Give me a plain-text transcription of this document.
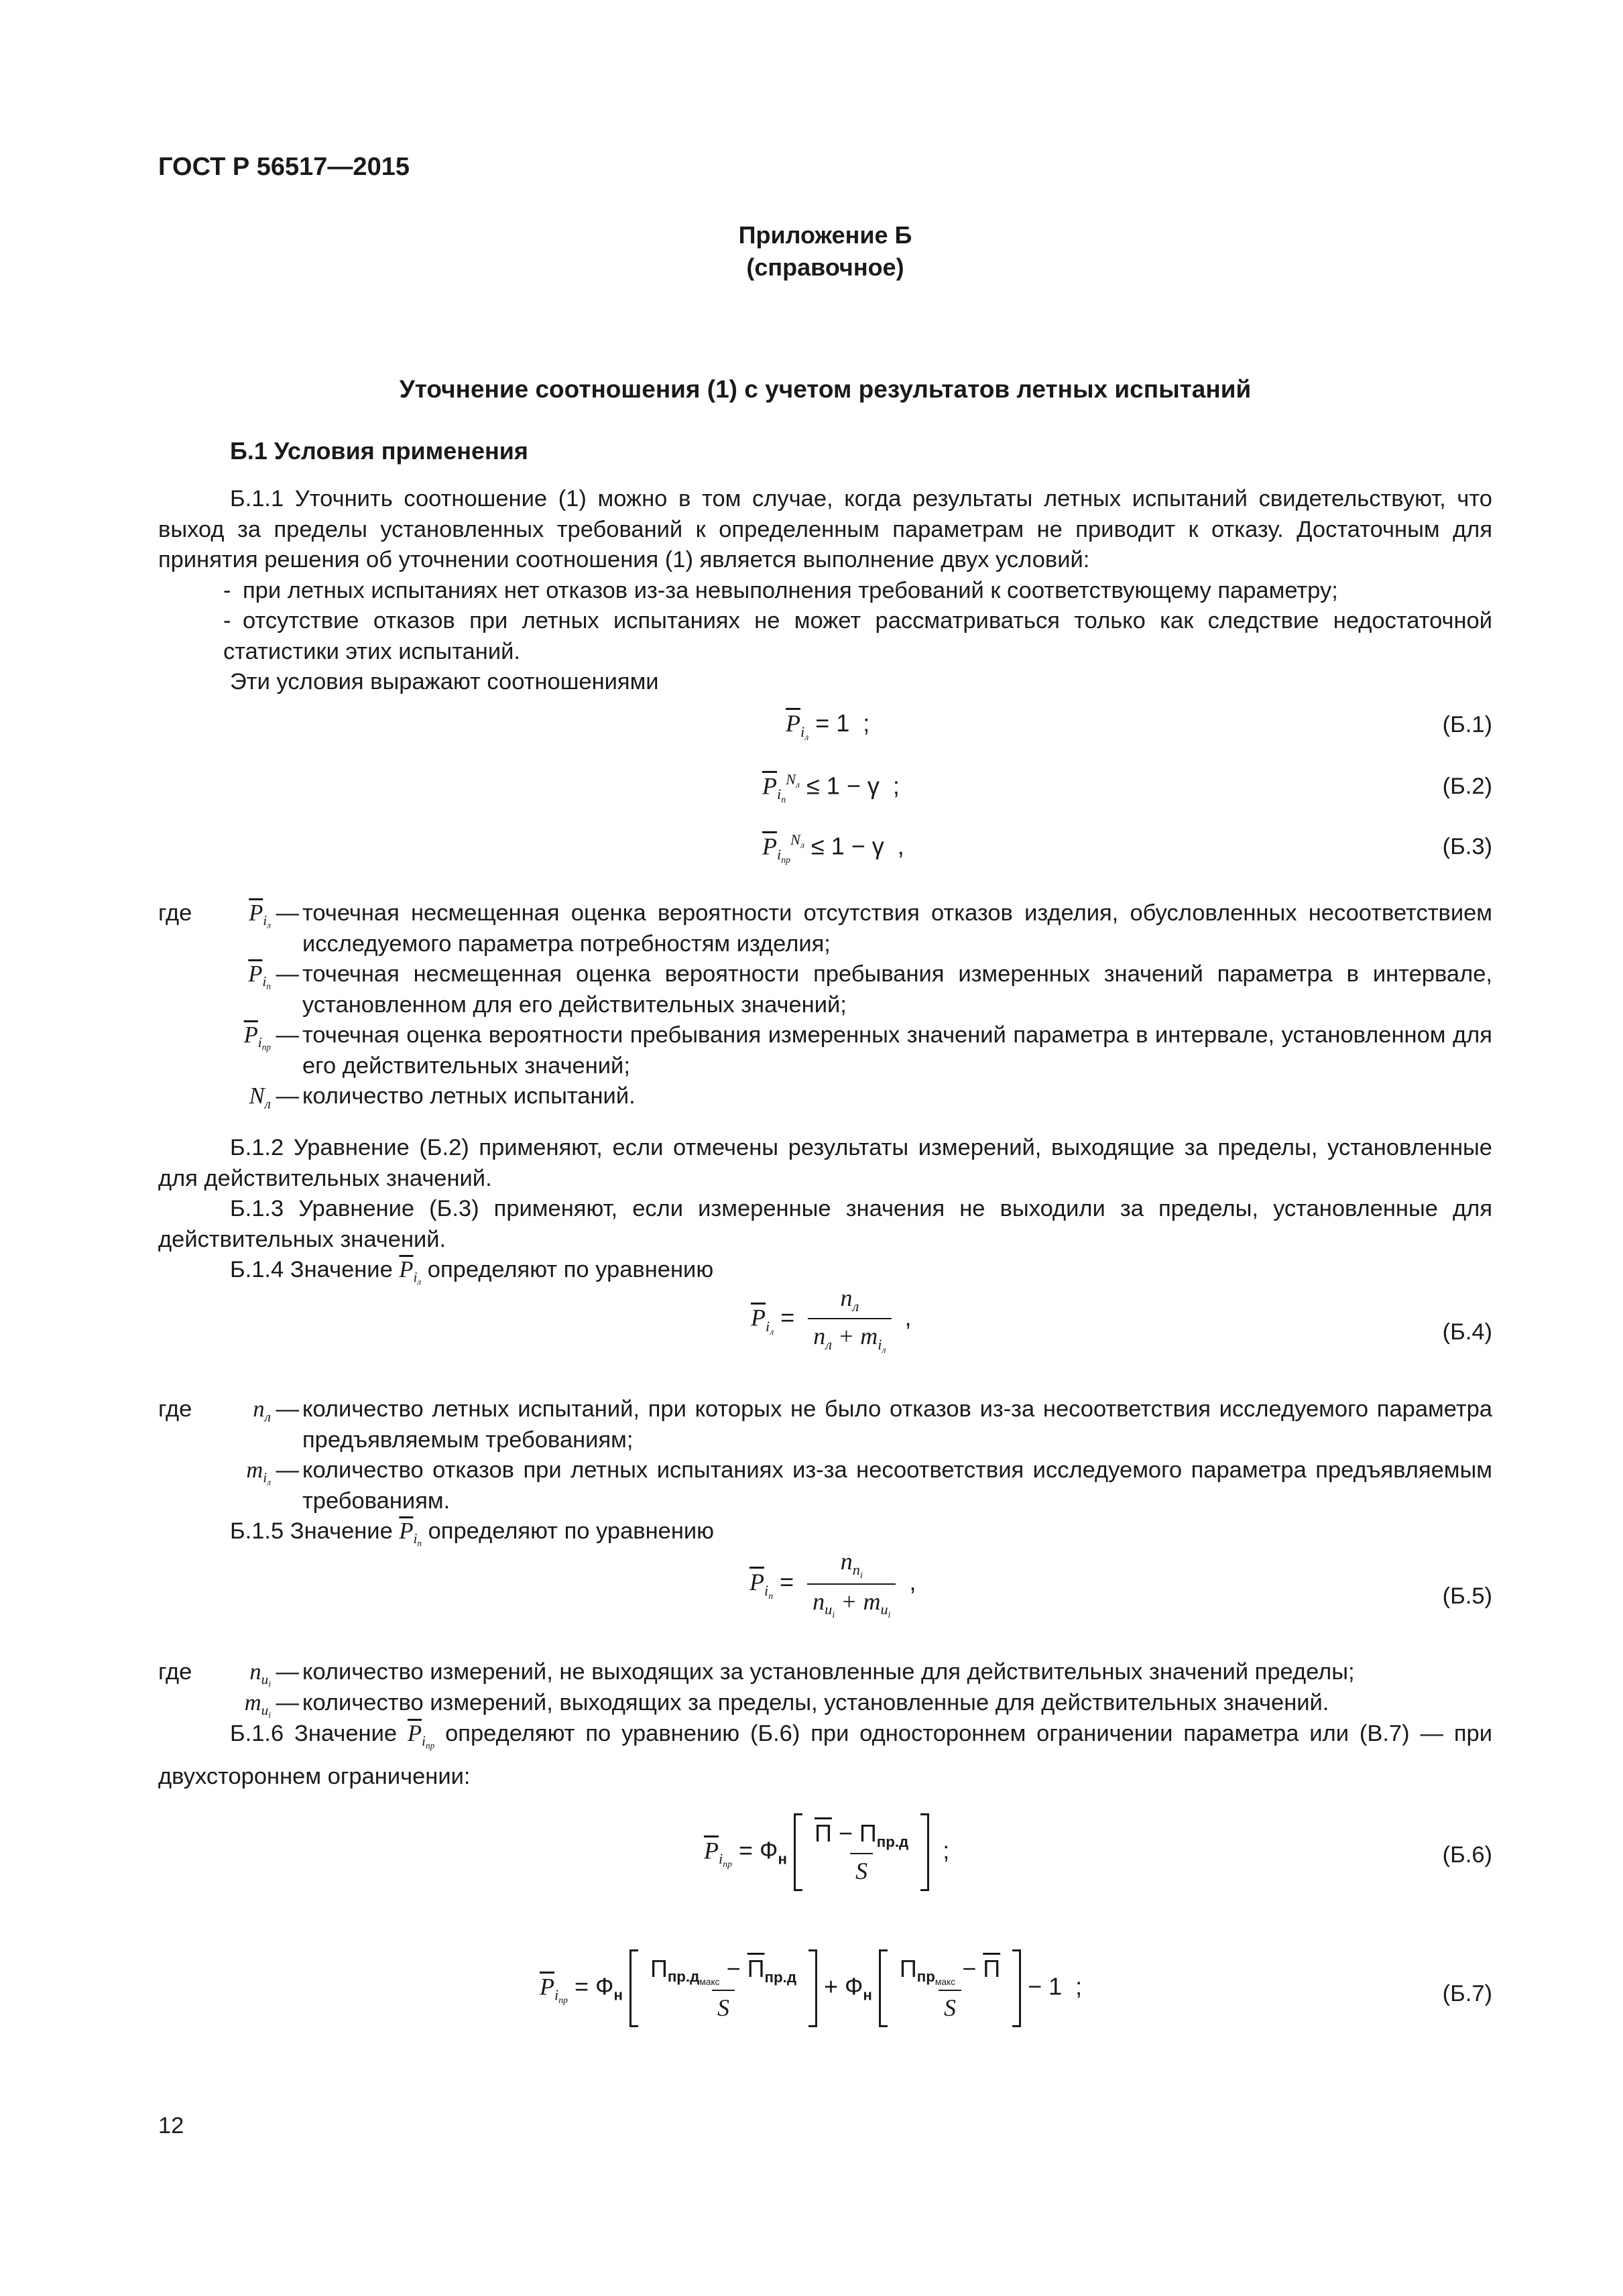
ГОСТ Р 56517—2015
Приложение Б
(справочное)
Уточнение соотношения (1) с учетом результатов летных испытаний
Б.1 Условия применения

Б.1.1 Уточнить соотношение (1) можно в том случае, когда результаты летных испытаний свидетельствуют, что выход за пределы установленных требований к определенным параметрам не приводит к отказу. Достаточным для принятия решения об уточнении соотношения (1) является выполнение двух условий:

- при летных испытаниях нет отказов из-за невыполнения требований к соответствующему параметру;

- отсутствие отказов при летных испытаниях не может рассматриваться только как следствие недостаточной статистики этих испытаний.

Эти условия выражают соотношениями

$\overline{P}_{i_л} = 1$  ;	(Б.1)
$\overline{P}_{i_n}^{N_л} \le 1 - \gamma$  ;	(Б.2)
$\overline{P}_{i_{пр}}^{N_л} \le 1 - \gamma$  ,	(Б.3)
где $\overline{P}_{i_л}$ — точечная несмещенная оценка вероятности отсутствия отказов изделия, обусловленных несоответствием исследуемого параметра потребностям изделия;
$\overline{P}_{i_n}$ — точечная несмещенная оценка вероятности пребывания измеренных значений параметра в интервале, установленном для его действительных значений;
$\overline{P}_{i_{пр}}$ — точечная оценка вероятности пребывания измеренных значений параметра в интервале, установленном для его действительных значений;
$N_л$ — количество летных испытаний.

Б.1.2 Уравнение (Б.2) применяют, если отмечены результаты измерений, выходящие за пределы, установленные для действительных значений.

Б.1.3 Уравнение (Б.3) применяют, если измеренные значения не выходили за пределы, установленные для действительных значений.

Б.1.4 Значение $\overline{P}_{i_л}$ определяют по уравнению

$\overline{P}_{i_л} = \frac{n_л}{n_л + m_{i_л}}$ ,
(Б.4)
где	$n_л$ — количество летных испытаний, при которых не было отказов из-за несоответствия исследуемого параметра предъявляемым требованиям;
$m_{i_л}$ — количество отказов при летных испытаниях из-за несоответствия исследуемого параметра предъявляемым требованиям.

Б.1.5 Значение $\overline{P}_{i_n}$ определяют по уравнению

$\overline{P}_{i_n} = \frac{n_{n_i}}{n_{u_i} + m_{u_i}}$ ,
(Б.5)
где $n_{u_i}$ — количество измерений, не выходящих за установленные для действительных значений пределы;
$m_{u_i}$ — количество измерений, выходящих за пределы, установленные для действительных значений.

Б.1.6 Значение $\overline{P}_{i_{пр}}$ определяют по уравнению (Б.6) при одностороннем ограничении параметра или (В.7) — при двухстороннем ограничении:

$\overline{P}_{i_{пр}} = Ф_н \frac{П - П_{пр.д}}{S}$ ;	(Б.6)
$\overline{P}_{i_{пр}} = Ф_н \frac{П_{пр.д_{макс}} - П_{пр.д}}{S} + Ф_н \frac{П_{пр_{макс}} - П}{S} - 1$  ;	(Б.7)
12
